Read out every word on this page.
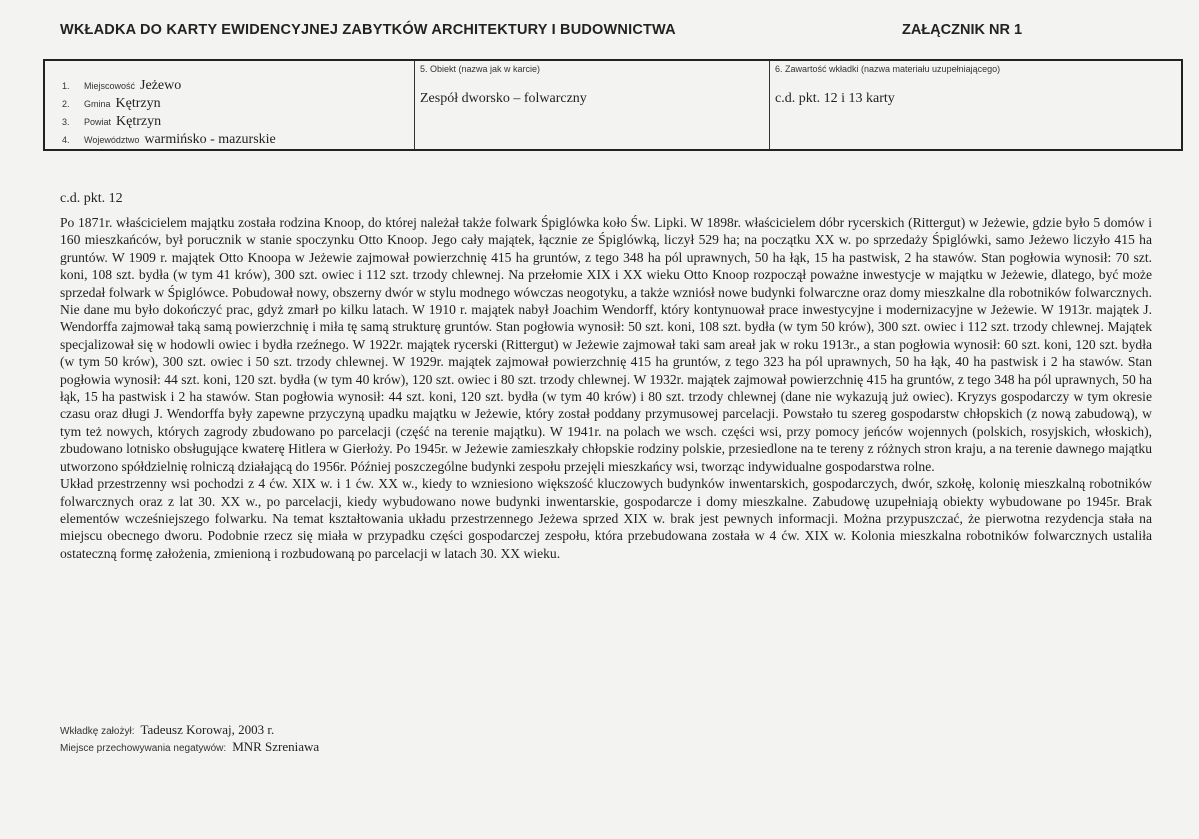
WKŁADKA DO KARTY EWIDENCYJNEJ ZABYTKÓW ARCHITEKTURY I BUDOWNICTWA	ZAŁĄCZNIK NR 1
1.	Miejscowość Jeżewo
2.	Gmina Kętrzyn
3.	Powiat Kętrzyn
4.	Województwo warmińsko - mazurskie
5. Obiekt (nazwa jak w karcie)
Zespół dworsko – folwarczny
6. Zawartość wkładki (nazwa materiału uzupełniającego)
c.d. pkt. 12 i 13 karty
c.d. pkt. 12

Po 1871r. właścicielem majątku została rodzina Knoop, do której należał także folwark Śpiglówka koło Św. Lipki. W 1898r. właścicielem dóbr rycerskich (Rittergut) w Jeżewie, gdzie było 5 domów i 160 mieszkańców, był porucznik w stanie spoczynku Otto Knoop. Jego cały majątek, łącznie ze Śpiglówką, liczył 529 ha; na początku XX w. po sprzedaży Śpiglówki, samo Jeżewo liczyło 415 ha gruntów. W 1909 r. majątek Otto Knoopa w Jeżewie zajmował powierzchnię 415 ha gruntów, z tego 348 ha pól uprawnych, 50 ha łąk, 15 ha pastwisk, 2 ha stawów. Stan pogłowia wynosił: 70 szt. koni, 108 szt. bydła (w tym 41 krów), 300 szt. owiec i 112 szt. trzody chlewnej. Na przełomie XIX i XX wieku Otto Knoop rozpoczął poważne inwestycje w majątku w Jeżewie, dlatego, być może sprzedał folwark w Śpiglówce. Pobudował nowy, obszerny dwór w stylu modnego wówczas neogotyku, a także wzniósł nowe budynki folwarczne oraz domy mieszkalne dla robotników folwarcznych. Nie dane mu było dokończyć prac, gdyż zmarł po kilku latach. W 1910 r. majątek nabył Joachim Wendorff, który kontynuował prace inwestycyjne i modernizacyjne w Jeżewie. W 1913r. majątek J. Wendorffa zajmował taką samą powierzchnię i miła tę samą strukturę gruntów. Stan pogłowia wynosił: 50 szt. koni, 108 szt. bydła (w tym 50 krów), 300 szt. owiec i 112 szt. trzody chlewnej. Majątek specjalizował się w hodowli owiec i bydła rzeźnego. W 1922r. majątek rycerski (Rittergut) w Jeżewie zajmował taki sam areał jak w roku 1913r., a stan pogłowia wynosił: 60 szt. koni, 120 szt. bydła (w tym 50 krów), 300 szt. owiec i 50 szt. trzody chlewnej. W 1929r. majątek zajmował powierzchnię 415 ha gruntów, z tego 323 ha pól uprawnych, 50 ha łąk, 40 ha pastwisk i 2 ha stawów. Stan pogłowia wynosił: 44 szt. koni, 120 szt. bydła (w tym 40 krów), 120 szt. owiec i 80 szt. trzody chlewnej. W 1932r. majątek zajmował powierzchnię 415 ha gruntów, z tego 348 ha pól uprawnych, 50 ha łąk, 15 ha pastwisk i 2 ha stawów. Stan pogłowia wynosił: 44 szt. koni, 120 szt. bydła (w tym 40 krów) i 80 szt. trzody chlewnej (dane nie wykazują już owiec). Kryzys gospodarczy w tym okresie czasu oraz długi J. Wendorffa były zapewne przyczyną upadku majątku w Jeżewie, który został poddany przymusowej parcelacji. Powstało tu szereg gospodarstw chłopskich (z nową zabudową), w tym też nowych, których zagrody zbudowano po parcelacji (część na terenie majątku). W 1941r. na polach we wsch. części wsi, przy pomocy jeńców wojennych (polskich, rosyjskich, włoskich), zbudowano lotnisko obsługujące kwaterę Hitlera w Gierłoży. Po 1945r. w Jeżewie zamieszkały chłopskie rodziny polskie, przesiedlone na te tereny z różnych stron kraju, a na terenie dawnego majątku utworzono spółdzielnię rolniczą działającą do 1956r. Później poszczególne budynki zespołu przejęli mieszkańcy wsi, tworząc indywidualne gospodarstwa rolne.

Układ przestrzenny wsi pochodzi z 4 ćw. XIX w. i 1 ćw. XX w., kiedy to wzniesiono większość kluczowych budynków inwentarskich, gospodarczych, dwór, szkołę, kolonię mieszkalną robotników folwarcznych oraz z lat 30. XX w., po parcelacji, kiedy wybudowano nowe budynki inwentarskie, gospodarcze i domy mieszkalne. Zabudowę uzupełniają obiekty wybudowane po 1945r. Brak elementów wcześniejszego folwarku. Na temat kształtowania układu przestrzennego Jeżewa sprzed XIX w. brak jest pewnych informacji. Można przypuszczać, że pierwotna rezydencja stała na miejscu obecnego dworu. Podobnie rzecz się miała w przypadku części gospodarczej zespołu, która przebudowana została w 4 ćw. XIX w. Kolonia mieszkalna robotników folwarcznych ustaliła ostateczną formę założenia, zmienioną i rozbudowaną po parcelacji w latach 30. XX wieku.

Wkładkę założył: Tadeusz Korowaj, 2003 r.
Miejsce przechowywania negatywów: MNR Szreniawa
